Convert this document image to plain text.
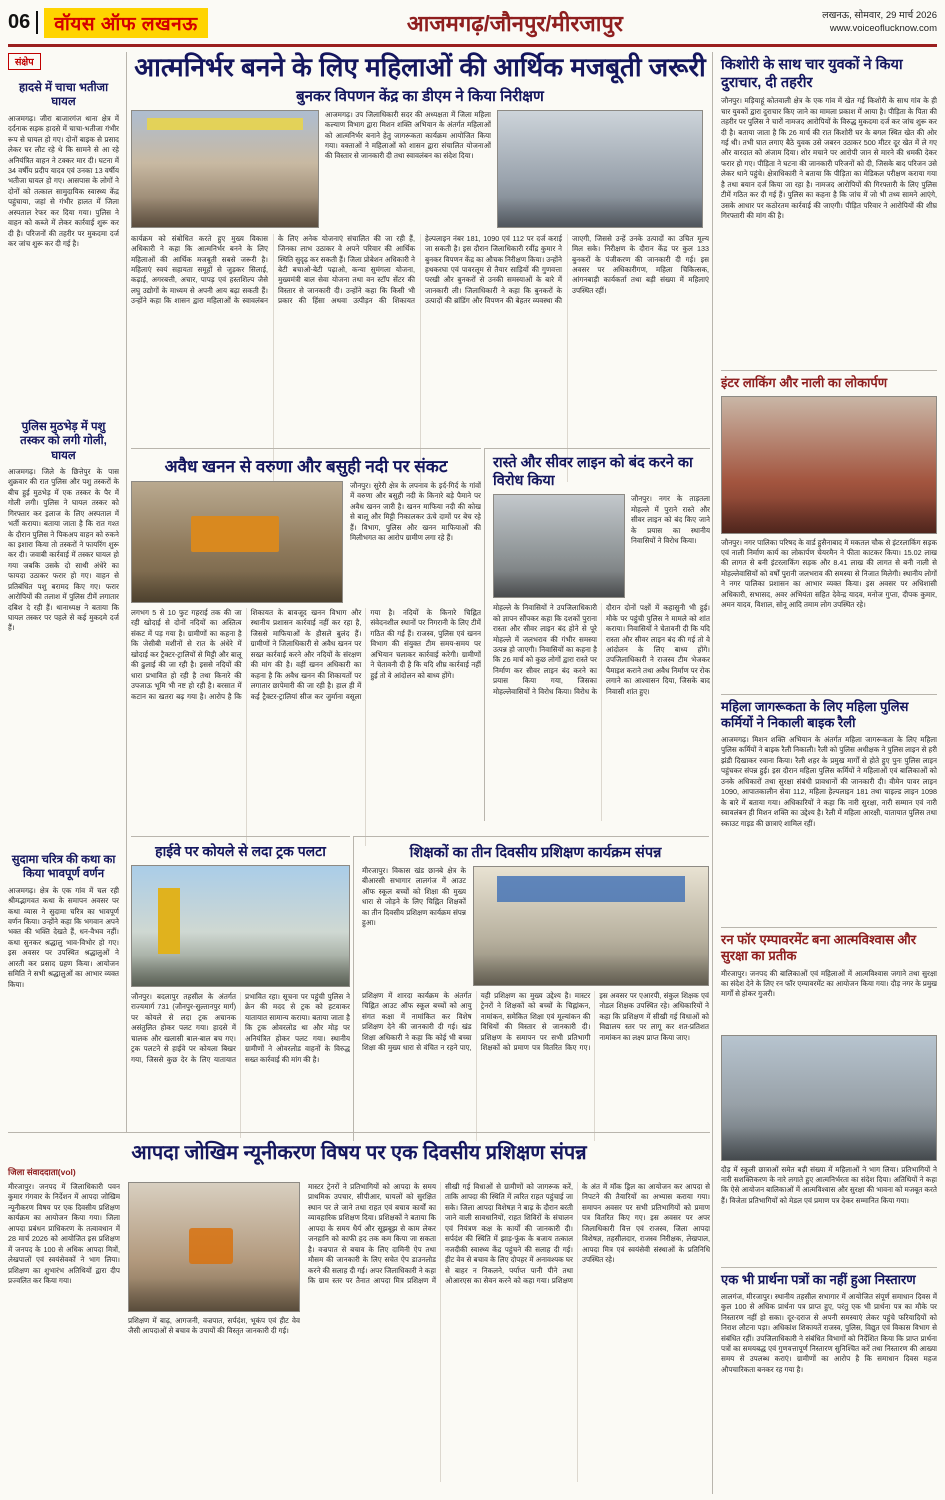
06	वॉयस ऑफ लखनऊ	आजमगढ़/जौनपुर/मीरजापुर	लखनऊ, सोमवार, 29 मार्च 2026
www.voiceoflucknow.com
संक्षेप
हादसे में चाचा भतीजा घायल
आजमगढ़। जीरा बाजारगंज थाना क्षेत्र में दर्दनाक सड़क हादसे में चाचा-भतीजा गंभीर रूप से घायल हो गए। दोनों बाइक से प्रसाद लेकर घर लौट रहे थे कि सामने से आ रहे अनियंत्रित वाहन ने टक्कर मार दी। घटना में 34 वर्षीय प्रदीप यादव एवं उनका 13 वर्षीय भतीजा घायल हो गए। आसपास के लोगों ने दोनों को तत्काल सामुदायिक स्वास्थ्य केंद्र पहुंचाया, जहां से गंभीर हालत में जिला अस्पताल रेफर कर दिया गया। पुलिस ने वाहन को कब्जे में लेकर कार्रवाई शुरू कर दी है। परिजनों की तहरीर पर मुकदमा दर्ज कर जांच शुरू कर दी गई है।
पुलिस मुठभेड़ में पशु तस्कर को लगी गोली, घायल
आजमगढ़। जिले के छित्तेपुर के पास शुक्रवार की रात पुलिस और पशु तस्करों के बीच हुई मुठभेड़ में एक तस्कर के पैर में गोली लगी। पुलिस ने घायल तस्कर को गिरफ्तार कर इलाज के लिए अस्पताल में भर्ती कराया। बताया जाता है कि रात गश्त के दौरान पुलिस ने पिकअप वाहन को रुकने का इशारा किया तो तस्करों ने फायरिंग शुरू कर दी। जवाबी कार्रवाई में तस्कर घायल हो गया जबकि उसके दो साथी अंधेरे का फायदा उठाकर फरार हो गए। वाहन से प्रतिबंधित पशु बरामद किए गए। फरार आरोपियों की तलाश में पुलिस टीमें लगातार दबिश दे रही हैं। थानाध्यक्ष ने बताया कि घायल तस्कर पर पहले से कई मुकदमे दर्ज हैं।
सुदामा चरित्र की कथा का किया भावपूर्ण वर्णन
आजमगढ़। क्षेत्र के एक गांव में चल रही श्रीमद्भागवत कथा के समापन अवसर पर कथा व्यास ने सुदामा चरित्र का भावपूर्ण वर्णन किया। उन्होंने कहा कि भगवान अपने भक्त की भक्ति देखते हैं, धन-वैभव नहीं। कथा सुनकर श्रद्धालु भाव-विभोर हो गए। इस अवसर पर उपस्थित श्रद्धालुओं ने आरती कर प्रसाद ग्रहण किया। आयोजन समिति ने सभी श्रद्धालुओं का आभार व्यक्त किया।
आत्मनिर्भर बनने के लिए महिलाओं की आर्थिक मजबूती जरूरी
बुनकर विपणन केंद्र का डीएम ने किया निरीक्षण
आजमगढ़। उप जिलाधिकारी सदर की अध्यक्षता में जिला महिला कल्याण विभाग द्वारा मिशन शक्ति अभियान के अंतर्गत महिलाओं को आत्मनिर्भर बनाने हेतु जागरूकता कार्यक्रम आयोजित किया गया। वक्ताओं ने महिलाओं को शासन द्वारा संचालित योजनाओं की विस्तार से जानकारी दी तथा स्वावलंबन का संदेश दिया।
कार्यक्रम को संबोधित करते हुए मुख्य विकास अधिकारी ने कहा कि आत्मनिर्भर बनने के लिए महिलाओं की आर्थिक मजबूती सबसे जरूरी है। महिलाएं स्वयं सहायता समूहों से जुड़कर सिलाई, कढ़ाई, अगरबत्ती, अचार, पापड़ एवं हस्तशिल्प जैसे लघु उद्योगों के माध्यम से अपनी आय बढ़ा सकती हैं। उन्होंने कहा कि शासन द्वारा महिलाओं के स्वावलंबन के लिए अनेक योजनाएं संचालित की जा रही हैं, जिनका लाभ उठाकर वे अपने परिवार की आर्थिक स्थिति सुदृढ़ कर सकती हैं। जिला प्रोबेशन अधिकारी ने बेटी बचाओ-बेटी पढ़ाओ, कन्या सुमंगला योजना, मुख्यमंत्री बाल सेवा योजना तथा वन स्टॉप सेंटर की विस्तार से जानकारी दी। उन्होंने कहा कि किसी भी प्रकार की हिंसा अथवा उत्पीड़न की शिकायत हेल्पलाइन नंबर 181, 1090 एवं 112 पर दर्ज कराई जा सकती है। इस दौरान जिलाधिकारी रवींद्र कुमार ने बुनकर विपणन केंद्र का औचक निरीक्षण किया। उन्होंने हथकरघा एवं पावरलूम से तैयार साड़ियों की गुणवत्ता परखी और बुनकरों से उनकी समस्याओं के बारे में जानकारी ली। जिलाधिकारी ने कहा कि बुनकरों के उत्पादों की ब्रांडिंग और विपणन की बेहतर व्यवस्था की जाएगी, जिससे उन्हें उनके उत्पादों का उचित मूल्य मिल सके। निरीक्षण के दौरान केंद्र पर कुल 133 बुनकरों के पंजीकरण की जानकारी दी गई। इस अवसर पर अधिकारीगण, महिला चिकित्सक, आंगनबाड़ी कार्यकर्ता तथा बड़ी संख्या में महिलाएं उपस्थित रहीं।
अवैध खनन से वरुणा और बसुही नदी पर संकट
जौनपुर। सुरेरी क्षेत्र के लपनाव के इर्द-गिर्द के गांवों में वरुणा और बसुही नदी के किनारे बड़े पैमाने पर अवैध खनन जारी है। खनन माफिया नदी की कोख से बालू और मिट्टी निकालकर ऊंचे दामों पर बेच रहे हैं। विभाग, पुलिस और खनन माफियाओं की मिलीभगत का आरोप ग्रामीण लगा रहे हैं।
लगभग 5 से 10 फुट गहराई तक की जा रही खोदाई से दोनों नदियों का अस्तित्व संकट में पड़ गया है। ग्रामीणों का कहना है कि जेसीबी मशीनों से रात के अंधेरे में खोदाई कर ट्रैक्टर-ट्रालियों से मिट्टी और बालू की ढुलाई की जा रही है। इससे नदियों की धारा प्रभावित हो रही है तथा किनारे की उपजाऊ भूमि भी नष्ट हो रही है। बरसात में कटान का खतरा बढ़ गया है। आरोप है कि शिकायत के बावजूद खनन विभाग और स्थानीय प्रशासन कार्रवाई नहीं कर रहा है, जिससे माफियाओं के हौसले बुलंद हैं। ग्रामीणों ने जिलाधिकारी से अवैध खनन पर सख्त कार्रवाई करने और नदियों के संरक्षण की मांग की है। वहीं खनन अधिकारी का कहना है कि अवैध खनन की शिकायतों पर लगातार छापेमारी की जा रही है। हाल ही में कई ट्रैक्टर-ट्रालियां सीज कर जुर्माना वसूला गया है। नदियों के किनारे चिह्नित संवेदनशील स्थानों पर निगरानी के लिए टीमें गठित की गई हैं। राजस्व, पुलिस एवं खनन विभाग की संयुक्त टीम समय-समय पर अभियान चलाकर कार्रवाई करेगी। ग्रामीणों ने चेतावनी दी है कि यदि शीघ्र कार्रवाई नहीं हुई तो वे आंदोलन को बाध्य होंगे।
रास्ते और सीवर लाइन को बंद करने का विरोध किया
जौनपुर। नगर के ताड़तला मोहल्ले में पुराने रास्ते और सीवर लाइन को बंद किए जाने के प्रयास का स्थानीय निवासियों ने विरोध किया।
मोहल्ले के निवासियों ने उपजिलाधिकारी को ज्ञापन सौंपकर कहा कि दशकों पुराना रास्ता और सीवर लाइन बंद होने से पूरे मोहल्ले में जलभराव की गंभीर समस्या उत्पन्न हो जाएगी। निवासियों का कहना है कि 26 मार्च को कुछ लोगों द्वारा रास्ते पर निर्माण कर सीवर लाइन बंद करने का प्रयास किया गया, जिसका मोहल्लेवासियों ने विरोध किया। विरोध के दौरान दोनों पक्षों में कहासुनी भी हुई। मौके पर पहुंची पुलिस ने मामले को शांत कराया। निवासियों ने चेतावनी दी कि यदि रास्ता और सीवर लाइन बंद की गई तो वे आंदोलन के लिए बाध्य होंगे। उपजिलाधिकारी ने राजस्व टीम भेजकर पैमाइश कराने तथा अवैध निर्माण पर रोक लगाने का आश्वासन दिया, जिसके बाद निवासी शांत हुए।
हाईवे पर कोयले से लदा ट्रक पलटा
जौनपुर। बदलापुर तहसील के अंतर्गत राज्यमार्ग 731 (जौनपुर-सुल्तानपुर मार्ग) पर कोयले से लदा ट्रक अचानक असंतुलित होकर पलट गया। हादसे में चालक और खलासी बाल-बाल बच गए। ट्रक पलटने से हाईवे पर कोयला बिखर गया, जिससे कुछ देर के लिए यातायात प्रभावित रहा। सूचना पर पहुंची पुलिस ने क्रेन की मदद से ट्रक को हटवाकर यातायात सामान्य कराया। बताया जाता है कि ट्रक ओवरलोड था और मोड़ पर अनियंत्रित होकर पलट गया। स्थानीय ग्रामीणों ने ओवरलोड वाहनों के विरुद्ध सख्त कार्रवाई की मांग की है।
शिक्षकों का तीन दिवसीय प्रशिक्षण कार्यक्रम संपन्न
मीरजापुर। विकास खंड छानबे क्षेत्र के बीआरसी सभागार लालगंज में आउट ऑफ स्कूल बच्चों को शिक्षा की मुख्य धारा से जोड़ने के लिए चिह्नित शिक्षकों का तीन दिवसीय प्रशिक्षण कार्यक्रम संपन्न हुआ।
प्रशिक्षण में शारदा कार्यक्रम के अंतर्गत चिह्नित आउट ऑफ स्कूल बच्चों को आयु संगत कक्षा में नामांकित कर विशेष प्रशिक्षण देने की जानकारी दी गई। खंड शिक्षा अधिकारी ने कहा कि कोई भी बच्चा शिक्षा की मुख्य धारा से वंचित न रहने पाए, यही प्रशिक्षण का मुख्य उद्देश्य है। मास्टर ट्रेनरों ने शिक्षकों को बच्चों के चिह्नांकन, नामांकन, समेकित शिक्षा एवं मूल्यांकन की विधियों की विस्तार से जानकारी दी। प्रशिक्षण के समापन पर सभी प्रतिभागी शिक्षकों को प्रमाण पत्र वितरित किए गए। इस अवसर पर एआरपी, संकुल शिक्षक एवं नोडल शिक्षक उपस्थित रहे। अधिकारियों ने कहा कि प्रशिक्षण में सीखी गई विधाओं को विद्यालय स्तर पर लागू कर शत-प्रतिशत नामांकन का लक्ष्य प्राप्त किया जाए।
आपदा जोखिम न्यूनीकरण विषय पर एक दिवसीय प्रशिक्षण संपन्न
जिला संवाददाता(vol)
मीरजापुर। जनपद में जिलाधिकारी पवन कुमार गंगवार के निर्देशन में आपदा जोखिम न्यूनीकरण विषय पर एक दिवसीय प्रशिक्षण कार्यक्रम का आयोजन किया गया। जिला आपदा प्रबंधन प्राधिकरण के तत्वावधान में 28 मार्च 2026 को आयोजित इस प्रशिक्षण में जनपद के 100 से अधिक आपदा मित्रों, लेखपालों एवं स्वयंसेवकों ने भाग लिया। प्रशिक्षण का शुभारंभ अतिथियों द्वारा दीप प्रज्वलित कर किया गया।
प्रशिक्षण में बाढ़, आगजनी, वज्रपात, सर्पदंश, भूकंप एवं हीट वेव जैसी आपदाओं से बचाव के उपायों की विस्तृत जानकारी दी गई।
मास्टर ट्रेनरों ने प्रतिभागियों को आपदा के समय प्राथमिक उपचार, सीपीआर, घायलों को सुरक्षित स्थान पर ले जाने तथा राहत एवं बचाव कार्यों का व्यावहारिक प्रशिक्षण दिया। प्रशिक्षकों ने बताया कि आपदा के समय धैर्य और सूझबूझ से काम लेकर जनहानि को काफी हद तक कम किया जा सकता है। वज्रपात से बचाव के लिए दामिनी ऐप तथा मौसम की जानकारी के लिए सचेत ऐप डाउनलोड करने की सलाह दी गई। अपर जिलाधिकारी ने कहा कि ग्राम स्तर पर तैनात आपदा मित्र प्रशिक्षण में सीखी गई विधाओं से ग्रामीणों को जागरूक करें, ताकि आपदा की स्थिति में त्वरित राहत पहुंचाई जा सके। जिला आपदा विशेषज्ञ ने बाढ़ के दौरान बरती जाने वाली सावधानियों, राहत शिविरों के संचालन एवं नियंत्रण कक्ष के कार्यों की जानकारी दी। सर्पदंश की स्थिति में झाड़-फूंक के बजाय तत्काल नजदीकी स्वास्थ्य केंद्र पहुंचने की सलाह दी गई। हीट वेव से बचाव के लिए दोपहर में अनावश्यक घर से बाहर न निकलने, पर्याप्त पानी पीने तथा ओआरएस का सेवन करने को कहा गया। प्रशिक्षण के अंत में मॉक ड्रिल का आयोजन कर आपदा से निपटने की तैयारियों का अभ्यास कराया गया। समापन अवसर पर सभी प्रतिभागियों को प्रमाण पत्र वितरित किए गए। इस अवसर पर अपर जिलाधिकारी वित्त एवं राजस्व, जिला आपदा विशेषज्ञ, तहसीलदार, राजस्व निरीक्षक, लेखपाल, आपदा मित्र एवं स्वयंसेवी संस्थाओं के प्रतिनिधि उपस्थित रहे।
किशोरी के साथ चार युवकों ने किया दुराचार, दी तहरीर
जौनपुर। मड़ियाहूं कोतवाली क्षेत्र के एक गांव में खेत गई किशोरी के साथ गांव के ही चार युवकों द्वारा दुराचार किए जाने का मामला प्रकाश में आया है। पीड़िता के पिता की तहरीर पर पुलिस ने चारों नामजद आरोपियों के विरुद्ध मुकदमा दर्ज कर जांच शुरू कर दी है। बताया जाता है कि 26 मार्च की रात किशोरी घर के बगल स्थित खेत की ओर गई थी। तभी घात लगाए बैठे युवक उसे जबरन उठाकर 500 मीटर दूर खेत में ले गए और वारदात को अंजाम दिया। शोर मचाने पर आरोपी जान से मारने की धमकी देकर फरार हो गए। पीड़िता ने घटना की जानकारी परिजनों को दी, जिसके बाद परिजन उसे लेकर थाने पहुंचे। क्षेत्राधिकारी ने बताया कि पीड़िता का मेडिकल परीक्षण कराया गया है तथा बयान दर्ज किया जा रहा है। नामजद आरोपियों की गिरफ्तारी के लिए पुलिस टीमें गठित कर दी गई हैं। पुलिस का कहना है कि जांच में जो भी तथ्य सामने आएंगे, उसके आधार पर कठोरतम कार्रवाई की जाएगी। पीड़ित परिवार ने आरोपियों की शीघ्र गिरफ्तारी की मांग की है।
इंटर लाकिंग और नाली का लोकार्पण
जौनपुर। नगर पालिका परिषद के वार्ड हुसैनाबाद में मकतल चौक से इंटरलाकिंग सड़क एवं नाली निर्माण कार्य का लोकार्पण चेयरमैन ने फीता काटकर किया। 15.02 लाख की लागत से बनी इंटरलाकिंग सड़क और 8.41 लाख की लागत से बनी नाली से मोहल्लेवासियों को वर्षों पुरानी जलभराव की समस्या से निजात मिलेगी। स्थानीय लोगों ने नगर पालिका प्रशासन का आभार व्यक्त किया। इस अवसर पर अधिशासी अधिकारी, सभासद, अवर अभियंता सहित देवेन्द्र यादव, मनोज गुप्ता, दीपक कुमार, अमन यादव, विशाल, सोनू आदि तमाम लोग उपस्थित रहे।
महिला जागरूकता के लिए महिला पुलिस कर्मियों ने निकाली बाइक रैली
आजमगढ़। मिशन शक्ति अभियान के अंतर्गत महिला जागरूकता के लिए महिला पुलिस कर्मियों ने बाइक रैली निकाली। रैली को पुलिस अधीक्षक ने पुलिस लाइन से हरी झंडी दिखाकर रवाना किया। रैली शहर के प्रमुख मार्गों से होते हुए पुनः पुलिस लाइन पहुंचकर संपन्न हुई। इस दौरान महिला पुलिस कर्मियों ने महिलाओं एवं बालिकाओं को उनके अधिकारों तथा सुरक्षा संबंधी प्रावधानों की जानकारी दी। वीमेन पावर लाइन 1090, आपातकालीन सेवा 112, महिला हेल्पलाइन 181 तथा चाइल्ड लाइन 1098 के बारे में बताया गया। अधिकारियों ने कहा कि नारी सुरक्षा, नारी सम्मान एवं नारी स्वावलंबन ही मिशन शक्ति का उद्देश्य है। रैली में महिला आरक्षी, यातायात पुलिस तथा स्काउट गाइड की छात्राएं शामिल रहीं।
रन फॉर एम्पावरमेंट बना आत्मविश्वास और सुरक्षा का प्रतीक
मीरजापुर। जनपद की बालिकाओं एवं महिलाओं में आत्मविश्वास जगाने तथा सुरक्षा का संदेश देने के लिए रन फॉर एम्पावरमेंट का आयोजन किया गया। दौड़ नगर के प्रमुख मार्गों से होकर गुजरी।
दौड़ में स्कूली छात्राओं समेत बड़ी संख्या में महिलाओं ने भाग लिया। प्रतिभागियों ने नारी सशक्तिकरण के नारे लगाते हुए आत्मनिर्भरता का संदेश दिया। अतिथियों ने कहा कि ऐसे आयोजन बालिकाओं में आत्मविश्वास और सुरक्षा की भावना को मजबूत करते हैं। विजेता प्रतिभागियों को मेडल एवं प्रमाण पत्र देकर सम्मानित किया गया।
एक भी प्रार्थना पत्रों का नहीं हुआ निस्तारण
लालगंज, मीरजापुर। स्थानीय तहसील सभागार में आयोजित संपूर्ण समाधान दिवस में कुल 100 से अधिक प्रार्थना पत्र प्राप्त हुए, परंतु एक भी प्रार्थना पत्र का मौके पर निस्तारण नहीं हो सका। दूर-दराज से अपनी समस्याएं लेकर पहुंचे फरियादियों को निराश लौटना पड़ा। अधिकांश शिकायतें राजस्व, पुलिस, विद्युत एवं विकास विभाग से संबंधित रहीं। उपजिलाधिकारी ने संबंधित विभागों को निर्देशित किया कि प्राप्त प्रार्थना पत्रों का समयबद्ध एवं गुणवत्तापूर्ण निस्तारण सुनिश्चित करें तथा निस्तारण की आख्या समय से उपलब्ध कराएं। ग्रामीणों का आरोप है कि समाधान दिवस महज औपचारिकता बनकर रह गया है।
